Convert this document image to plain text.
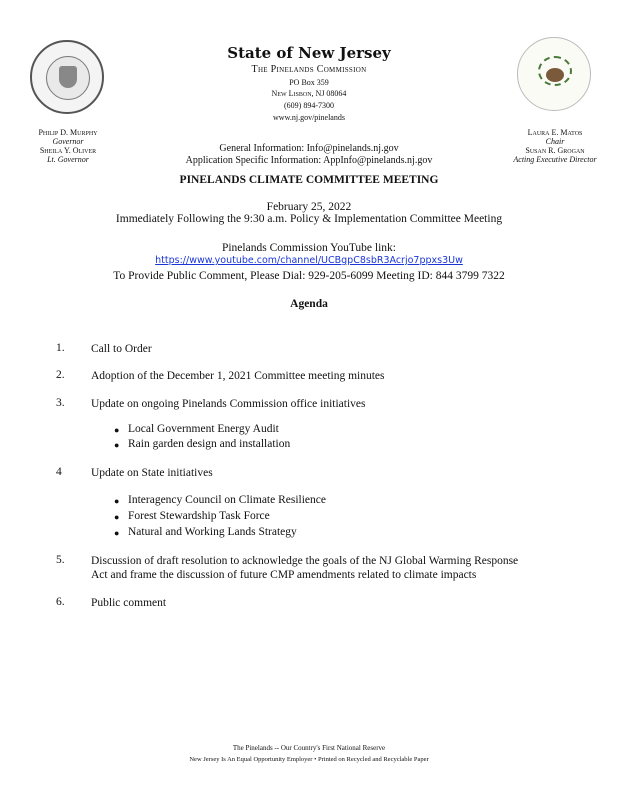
State of New Jersey
The Pinelands Commission
PO Box 359
New Lisbon, NJ 08064
(609) 894-7300
www.nj.gov/pinelands
Philip D. Murphy
Governor
Sheila Y. Oliver
Lt. Governor
Laura E. Matos
Chair
Susan R. Grogan
Acting Executive Director
General Information: Info@pinelands.nj.gov
Application Specific Information: AppInfo@pinelands.nj.gov
PINELANDS CLIMATE COMMITTEE MEETING
February 25, 2022
Immediately Following the 9:30 a.m. Policy & Implementation Committee Meeting
Pinelands Commission YouTube link:
https://www.youtube.com/channel/UCBgpC8sbR3Acrjo7ppxs3Uw
To Provide Public Comment, Please Dial: 929-205-6099 Meeting ID: 844 3799 7322
Agenda
1. Call to Order
2. Adoption of the December 1, 2021 Committee meeting minutes
3. Update on ongoing Pinelands Commission office initiatives
● Local Government Energy Audit
● Rain garden design and installation
4	Update on State initiatives
● Interagency Council on Climate Resilience
● Forest Stewardship Task Force
● Natural and Working Lands Strategy
5. Discussion of draft resolution to acknowledge the goals of the NJ Global Warming Response Act and frame the discussion of future CMP amendments related to climate impacts
6. Public comment
The Pinelands -- Our Country's First National Reserve
New Jersey Is An Equal Opportunity Employer • Printed on Recycled and Recyclable Paper
